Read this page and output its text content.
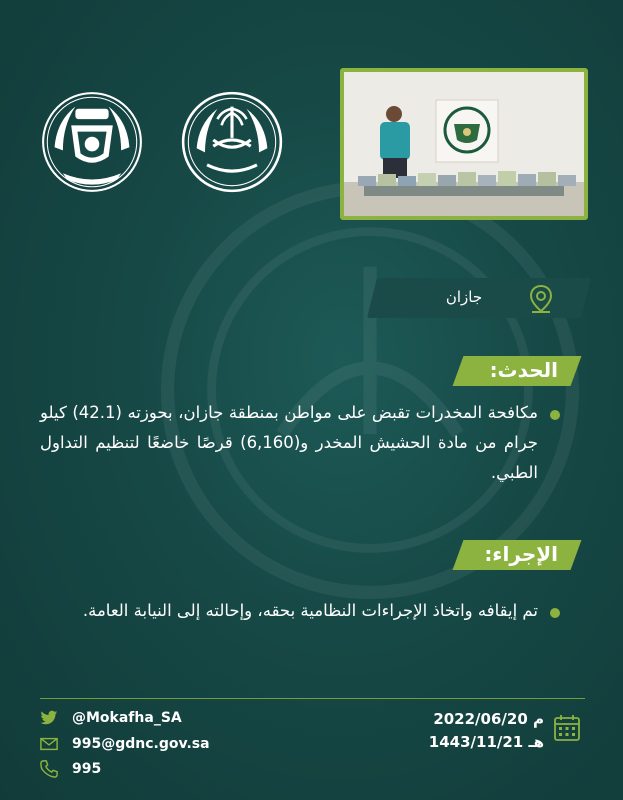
جازان
الحدث:
مكافحة المخدرات تقبض على مواطن بمنطقة جازان، بحوزته (42.1) كيلو جرام من مادة الحشيش المخدر و(6,160) قرصًا خاضعًا لتنظيم التداول الطبي.
الإجراء:
تم إيقافه واتخاذ الإجراءات النظامية بحقه، وإحالته إلى النيابة العامة.
@Mokafha_SA
995@gdnc.gov.sa
995
2022/06/20 م
1443/11/21 هـ
